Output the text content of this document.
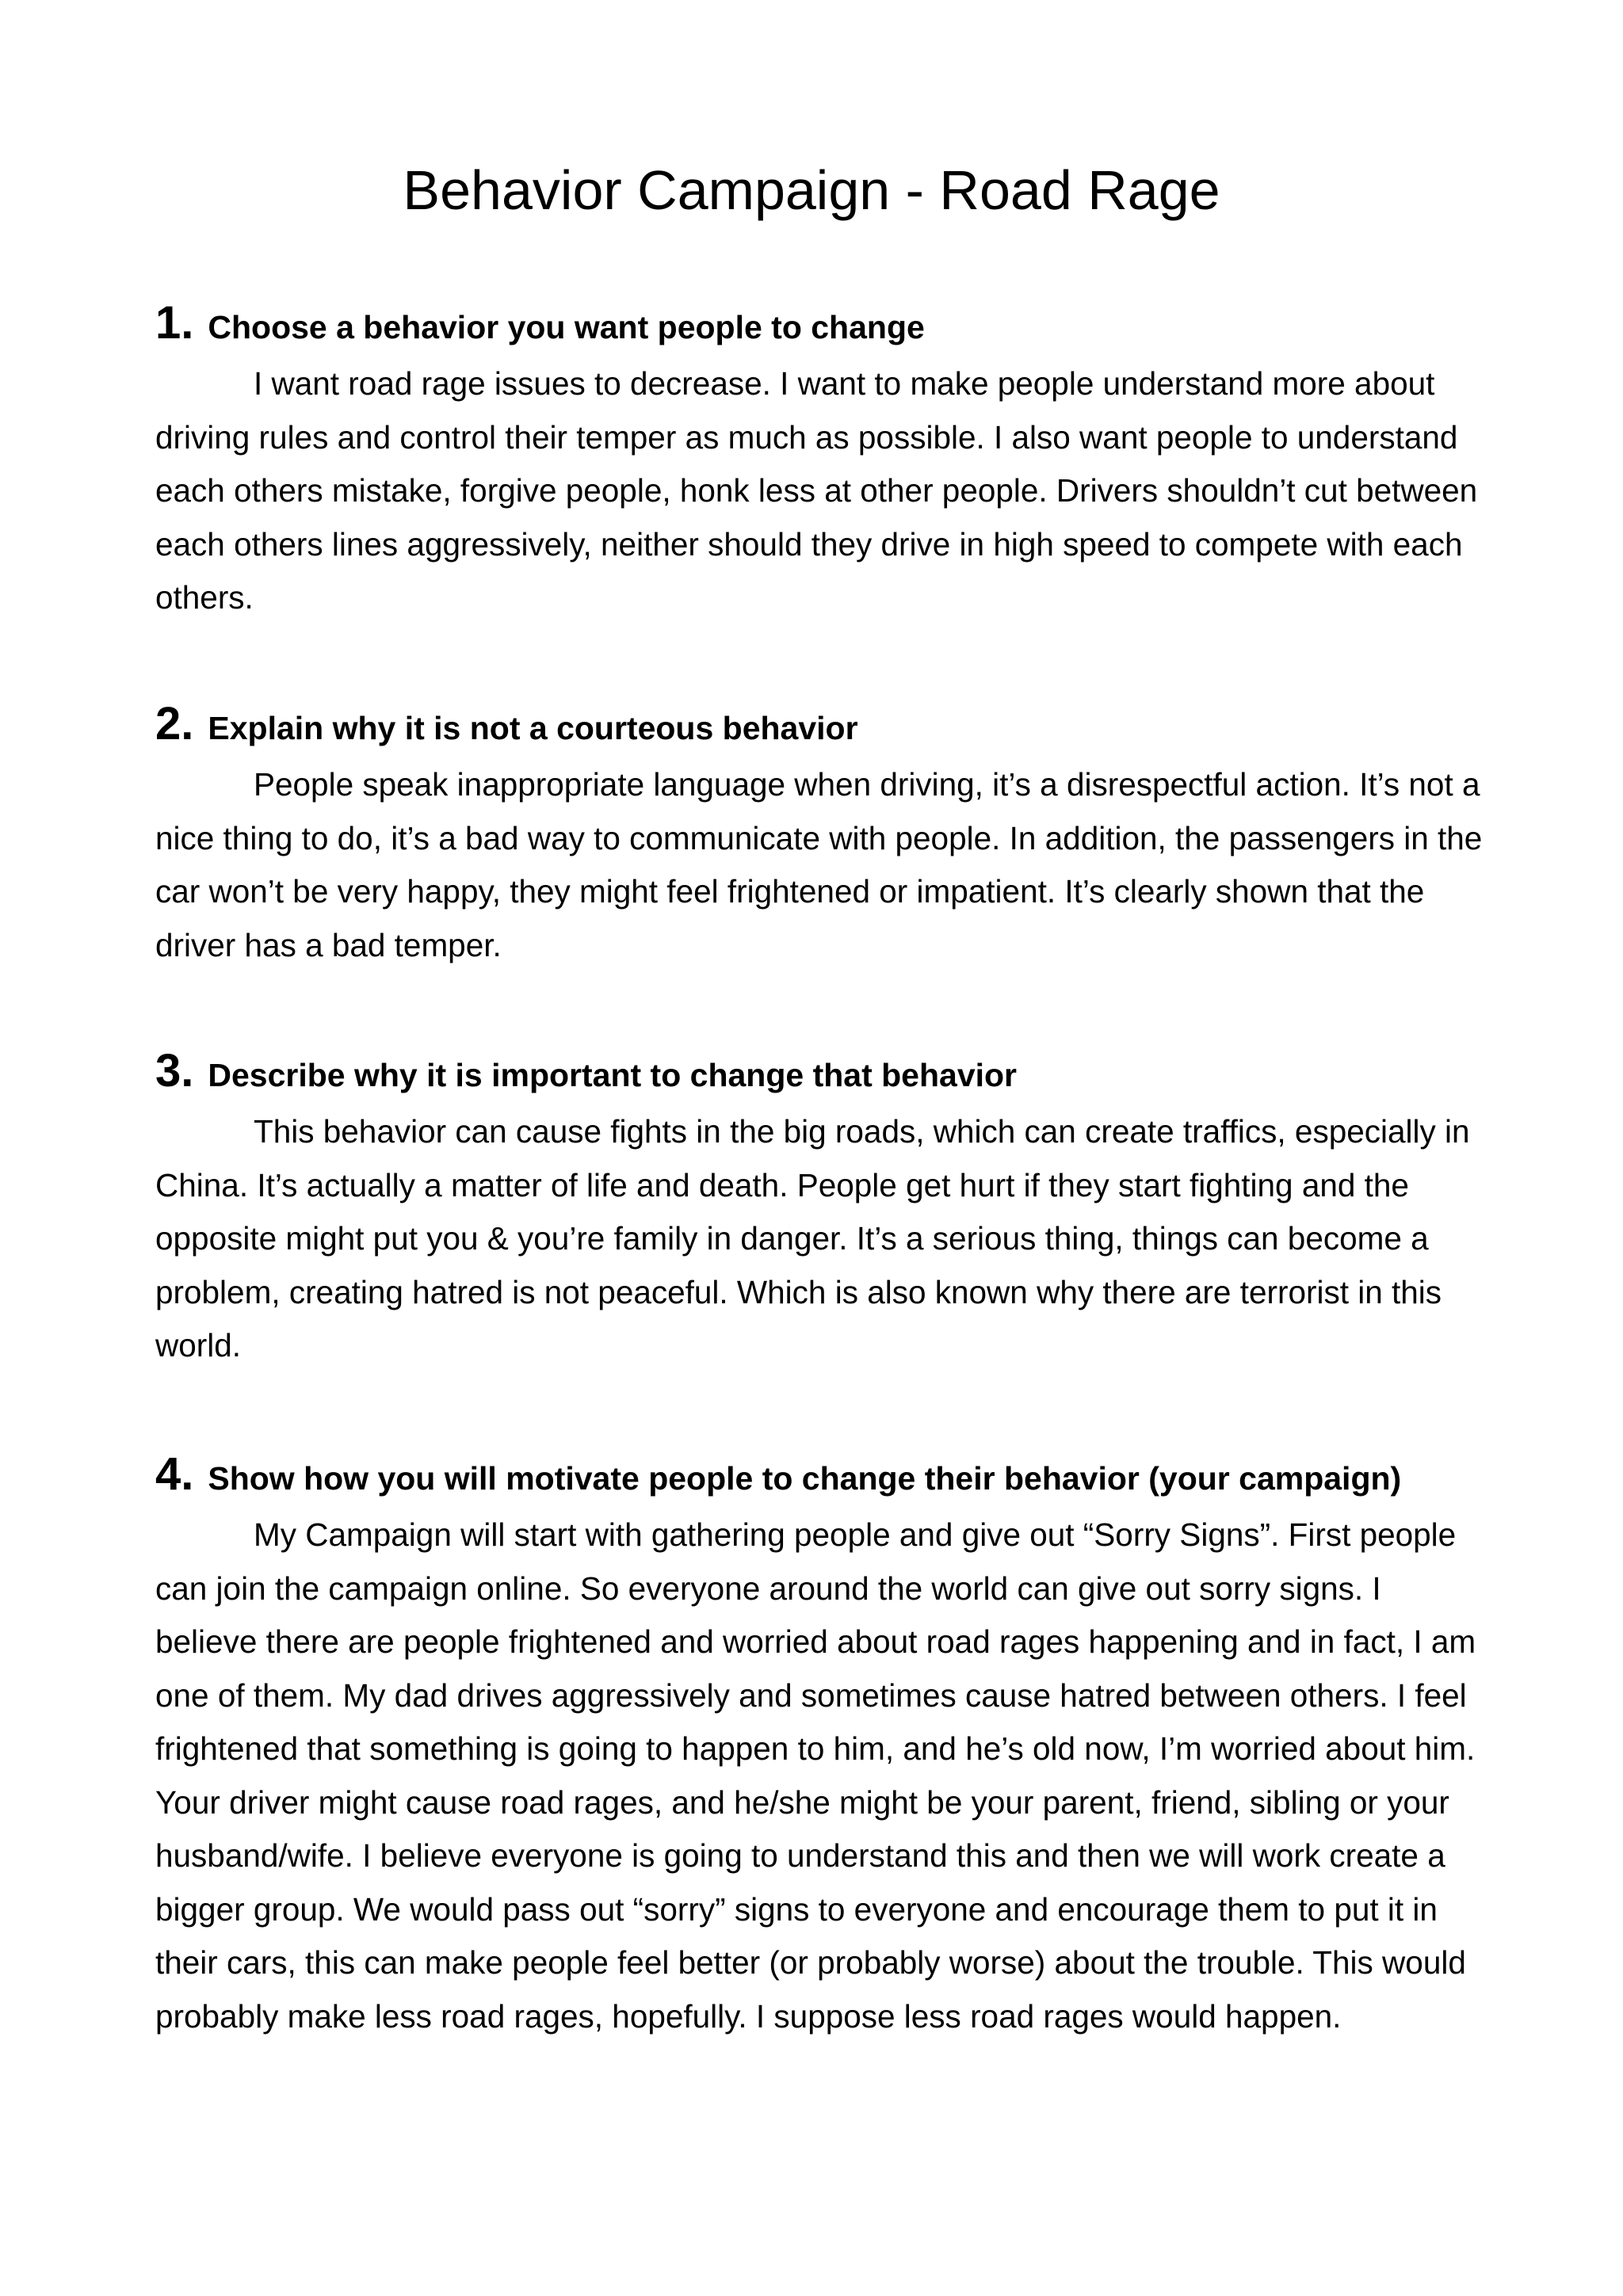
Behavior Campaign - Road Rage
1. Choose a behavior you want people to change

I want road rage issues to decrease. I want to make people understand more about driving rules and control their temper as much as possible. I also want people to understand each others mistake, forgive people, honk less at other people. Drivers shouldn’t cut between each others lines aggressively, neither should they drive in high speed to compete with each others.

2. Explain why it is not a courteous behavior

People speak inappropriate language when driving, it’s a disrespectful action. It’s not a nice thing to do, it’s a bad way to communicate with people. In addition, the passengers in the car won’t be very happy, they might feel frightened or impatient. It’s clearly shown that the driver has a bad temper.

3. Describe why it is important to change that behavior

This behavior can cause fights in the big roads, which can create traffics, especially in China. It’s actually a matter of life and death. People get hurt if they start fighting and the opposite might put you & you’re family in danger. It’s a serious thing, things can become a problem, creating hatred is not peaceful. Which is also known why there are terrorist in this world.

4. Show how you will motivate people to change their behavior (your campaign)

My Campaign will start with gathering people and give out “Sorry Signs”. First people can join the campaign online. So everyone around the world can give out sorry signs. I believe there are people frightened and worried about road rages happening and in fact, I am one of them. My dad drives aggressively and sometimes cause hatred between others. I feel frightened that something is going to happen to him, and he’s old now, I’m worried about him. Your driver might cause road rages, and he/she might be your parent, friend, sibling or your husband/wife. I believe everyone is going to understand this and then we will work create a bigger group. We would pass out “sorry” signs to everyone and encourage them to put it in their cars, this can make people feel better (or probably worse) about the trouble. This would probably make less road rages, hopefully. I suppose less road rages would happen.
